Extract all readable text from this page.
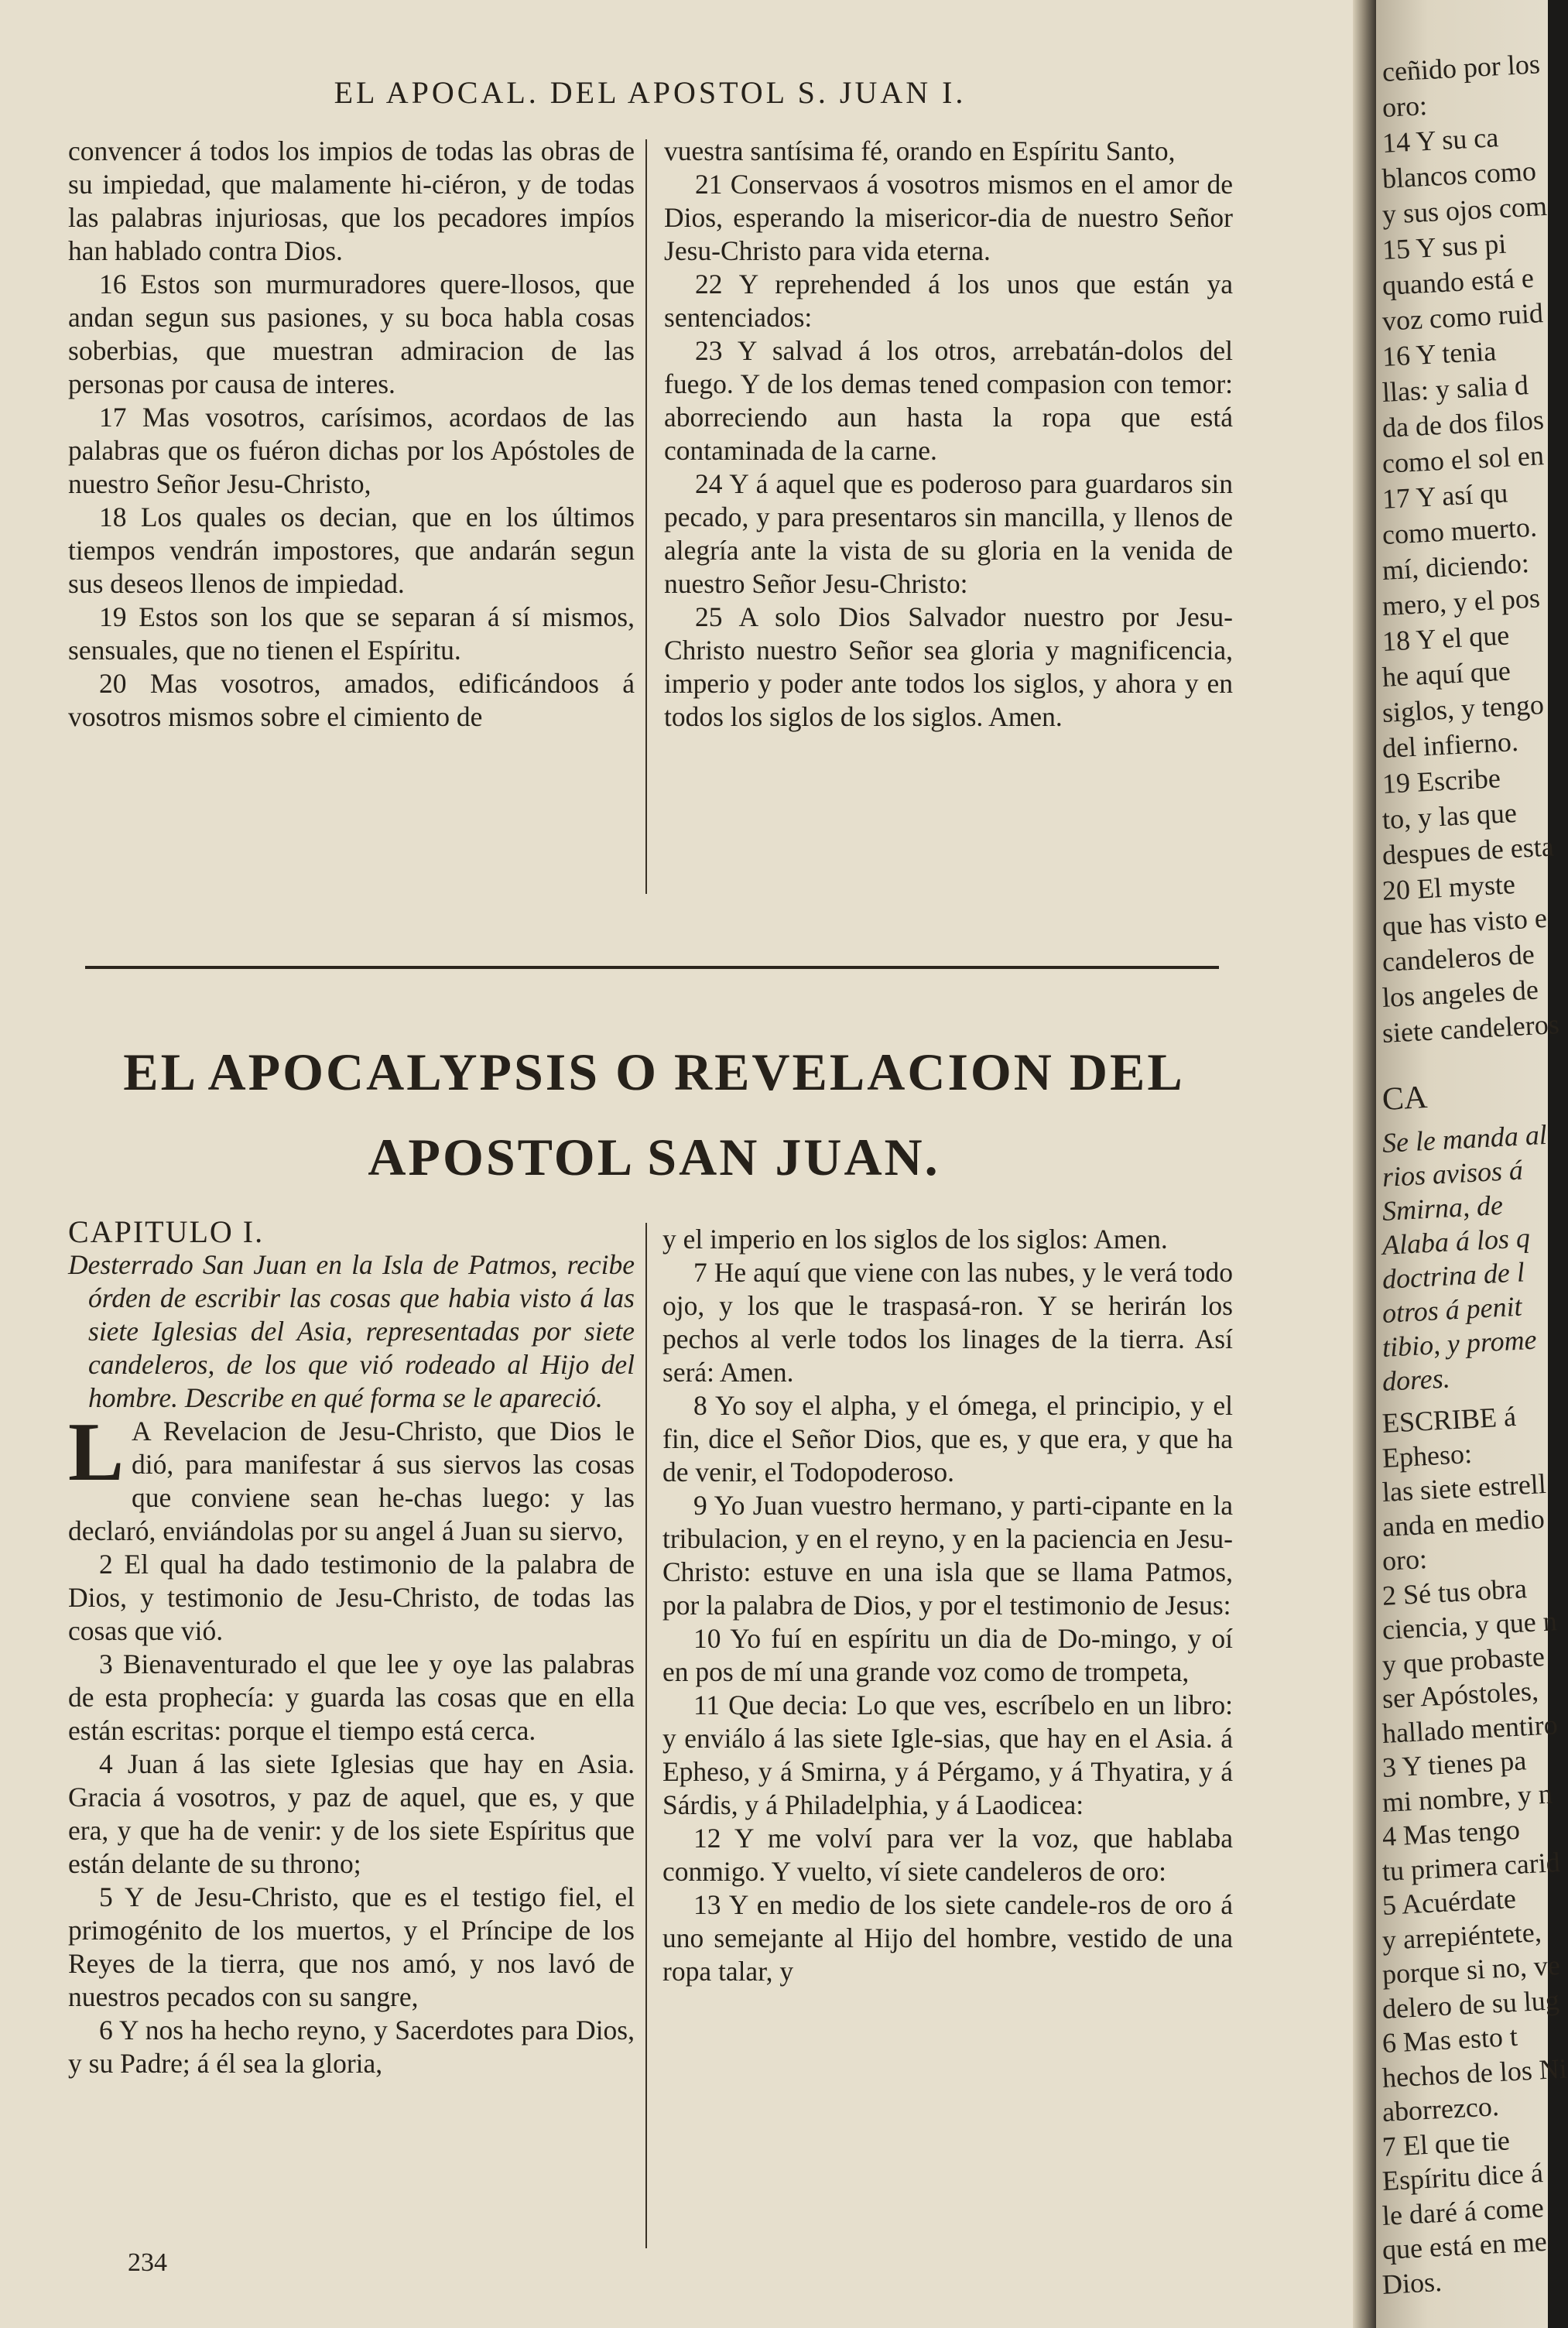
EL APOCAL. DEL APOSTOL S. JUAN I.

convencer á todos los impios de todas las obras de su impiedad, que malamente hi-ciéron, y de todas las palabras injuriosas, que los pecadores impíos han hablado contra Dios.

16 Estos son murmuradores quere-llosos, que andan segun sus pasiones, y su boca habla cosas soberbias, que muestran admiracion de las personas por causa de interes.

17 Mas vosotros, carísimos, acordaos de las palabras que os fuéron dichas por los Apóstoles de nuestro Señor Jesu-Christo,

18 Los quales os decian, que en los últimos tiempos vendrán impostores, que andarán segun sus deseos llenos de impiedad.

19 Estos son los que se separan á sí mismos, sensuales, que no tienen el Espíritu.

20 Mas vosotros, amados, edificándoos á vosotros mismos sobre el cimiento de

vuestra santísima fé, orando en Espíritu Santo,

21 Conservaos á vosotros mismos en el amor de Dios, esperando la misericor-dia de nuestro Señor Jesu-Christo para vida eterna.

22 Y reprehended á los unos que están ya sentenciados:

23 Y salvad á los otros, arrebatán-dolos del fuego. Y de los demas tened compasion con temor: aborreciendo aun hasta la ropa que está contaminada de la carne.

24 Y á aquel que es poderoso para guardaros sin pecado, y para presentaros sin mancilla, y llenos de alegría ante la vista de su gloria en la venida de nuestro Señor Jesu-Christo:

25 A solo Dios Salvador nuestro por Jesu-Christo nuestro Señor sea gloria y magnificencia, imperio y poder ante todos los siglos, y ahora y en todos los siglos de los siglos. Amen.

EL APOCALYPSIS O REVELACION DEL
APOSTOL SAN JUAN.

CAPITULO I.

Desterrado San Juan en la Isla de Patmos, recibe órden de escribir las cosas que habia visto á las siete Iglesias del Asia, representadas por siete candeleros, de los que vió rodeado al Hijo del hombre. Describe en qué forma se le apareció.

L A Revelacion de Jesu-Christo, que Dios le dió, para manifestar á sus siervos las cosas que conviene sean he-chas luego: y las declaró, enviándolas por su angel á Juan su siervo,

2 El qual ha dado testimonio de la palabra de Dios, y testimonio de Jesu-Christo, de todas las cosas que vió.

3 Bienaventurado el que lee y oye las palabras de esta prophecía: y guarda las cosas que en ella están escritas: porque el tiempo está cerca.

4 Juan á las siete Iglesias que hay en Asia. Gracia á vosotros, y paz de aquel, que es, y que era, y que ha de venir: y de los siete Espíritus que están delante de su throno;

5 Y de Jesu-Christo, que es el testigo fiel, el primogénito de los muertos, y el Príncipe de los Reyes de la tierra, que nos amó, y nos lavó de nuestros pecados con su sangre,

6 Y nos ha hecho reyno, y Sacerdotes para Dios, y su Padre; á él sea la gloria,

y el imperio en los siglos de los siglos: Amen.

7 He aquí que viene con las nubes, y le verá todo ojo, y los que le traspasá-ron. Y se herirán los pechos al verle todos los linages de la tierra. Así será: Amen.

8 Yo soy el alpha, y el ómega, el principio, y el fin, dice el Señor Dios, que es, y que era, y que ha de venir, el Todopoderoso.

9 Yo Juan vuestro hermano, y parti-cipante en la tribulacion, y en el reyno, y en la paciencia en Jesu-Christo: estuve en una isla que se llama Patmos, por la palabra de Dios, y por el testimonio de Jesus:

10 Yo fuí en espíritu un dia de Do-mingo, y oí en pos de mí una grande voz como de trompeta,

11 Que decia: Lo que ves, escríbelo en un libro: y enviálo á las siete Igle-sias, que hay en el Asia. á Epheso, y á Smirna, y á Pérgamo, y á Thyatira, y á Sárdis, y á Philadelphia, y á Laodicea:

12 Y me volví para ver la voz, que hablaba conmigo. Y vuelto, ví siete candeleros de oro:

13 Y en medio de los siete candele-ros de oro á uno semejante al Hijo del hombre, vestido de una ropa talar, y

234
ceñido por los
oro:
14 Y su ca
blancos como
y sus ojos com
15 Y sus pi
quando está e
voz como ruid
16 Y tenia
llas: y salia d
da de dos filos
como el sol en
17 Y así qu
como muerto.
mí, diciendo:
mero, y el pos
18 Y el que
he aquí que
siglos, y tengo
del infierno.
19 Escribe
to, y las que
despues de esta
20 El myste
que has visto e
candeleros de
los angeles de
siete candeleros
CA
Se le manda al
rios avisos á
Smirna, de
Alaba á los q
doctrina de l
otros á penit
tibio, y prome
dores.
ESCRIBE á
Epheso:
las siete estrell
anda en medio
oro:
2 Sé tus obra
ciencia, y que n
y que probaste
ser Apóstoles,
hallado mentiro
3 Y tienes pa
mi nombre, y n
4 Mas tengo
tu primera carid
5 Acuérdate
y arrepiéntete,
porque si no, ve
delero de su lug
6 Mas esto t
hechos de los Ni
aborrezco.
7 El que tie
Espíritu dice á
le daré á come
que está en me
Dios.
